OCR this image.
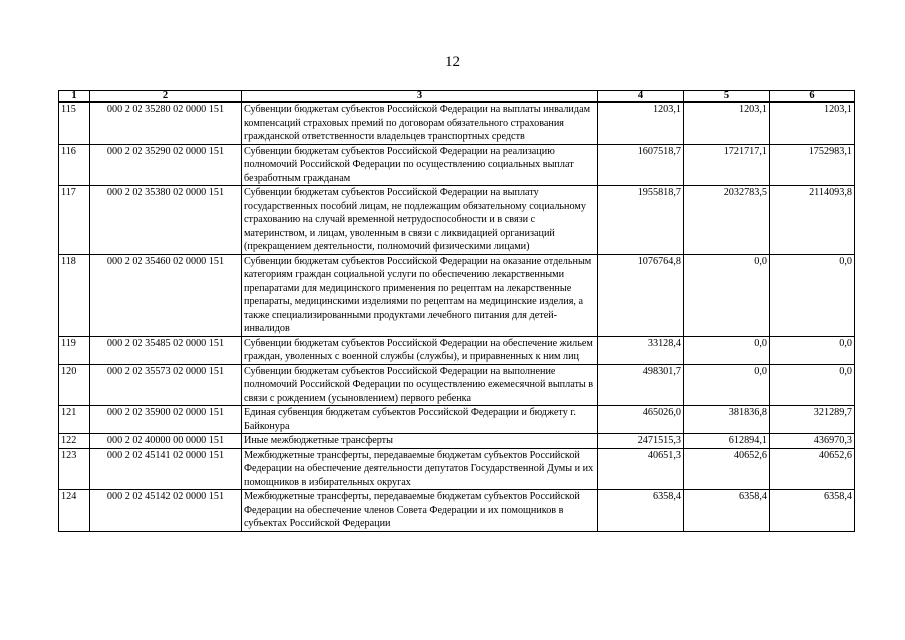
12
1	2	3	4	5	6
115	000 2 02 35280 02 0000 151	Субвенции бюджетам субъектов Российской Федерации на выплаты инвалидам компенсаций страховых премий по договорам обязательного страхования гражданской ответственности владельцев транспортных средств	1203,1	1203,1	1203,1
116	000 2 02 35290 02 0000 151	Субвенции бюджетам субъектов Российской Федерации на реализацию полномочий Российской Федерации по осуществлению социальных выплат безработным гражданам	1607518,7	1721717,1	1752983,1
117	000 2 02 35380 02 0000 151	Субвенции бюджетам субъектов Российской Федерации на выплату государственных пособий лицам, не подлежащим обязательному социальному страхованию на случай временной нетрудоспособности и в связи с материнством, и лицам, уволенным в связи с ликвидацией организаций (прекращением деятельности, полномочий физическими лицами)	1955818,7	2032783,5	2114093,8
118	000 2 02 35460 02 0000 151	Субвенции бюджетам субъектов Российской Федерации на оказание отдельным категориям граждан социальной услуги по обеспечению лекарственными препаратами для медицинского применения по рецептам на лекарственные препараты, медицинскими изделиями по рецептам на медицинские изделия, а также специализированными продуктами лечебного питания для детей-инвалидов	1076764,8	0,0	0,0
119	000 2 02 35485 02 0000 151	Субвенции бюджетам субъектов Российской Федерации на обеспечение жильем граждан, уволенных с военной службы (службы), и приравненных к ним лиц	33128,4	0,0	0,0
120	000 2 02 35573 02 0000 151	Субвенции бюджетам субъектов Российской Федерации на выполнение полномочий Российской Федерации по осуществлению ежемесячной выплаты в связи с рождением (усыновлением) первого ребенка	498301,7	0,0	0,0
121	000 2 02 35900 02 0000 151	Единая субвенция бюджетам субъектов Российской Федерации и бюджету г. Байконура	465026,0	381836,8	321289,7
122	000 2 02 40000 00 0000 151	Иные межбюджетные трансферты	2471515,3	612894,1	436970,3
123	000 2 02 45141 02 0000 151	Межбюджетные трансферты, передаваемые бюджетам субъектов Российской Федерации на обеспечение деятельности депутатов Государственной Думы и их помощников в избирательных округах	40651,3	40652,6	40652,6
124	000 2 02 45142 02 0000 151	Межбюджетные трансферты, передаваемые бюджетам субъектов Российской Федерации на обеспечение членов Совета Федерации и их помощников в субъектах Российской Федерации	6358,4	6358,4	6358,4
